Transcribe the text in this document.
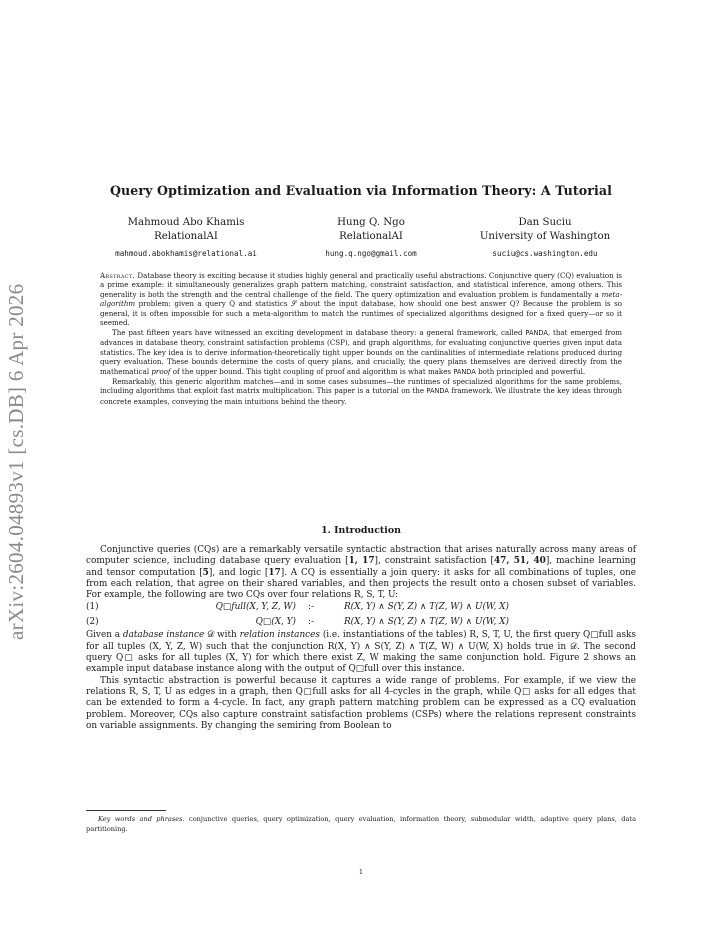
arXiv:2604.04893v1 [cs.DB] 6 Apr 2026
Query Optimization and Evaluation via Information Theory: A Tutorial
Mahmoud Abo Khamis
RelationalAI
mahmoud.abokhamis@relational.ai
Hung Q. Ngo
RelationalAI
hung.q.ngo@gmail.com
Dan Suciu
University of Washington
suciu@cs.washington.edu

Abstract. Database theory is exciting because it studies highly general and practically useful abstractions. Conjunctive query (CQ) evaluation is a prime example: it simultaneously generalizes graph pattern matching, constraint satisfaction, and statistical inference, among others. This generality is both the strength and the central challenge of the field. The query optimization and evaluation problem is fundamentally a meta-algorithm problem: given a query Q and statistics 𝒮 about the input database, how should one best answer Q? Because the problem is so general, it is often impossible for such a meta-algorithm to match the runtimes of specialized algorithms designed for a fixed query—or so it seemed.

The past fifteen years have witnessed an exciting development in database theory: a general framework, called PANDA, that emerged from advances in database theory, constraint satisfaction problems (CSP), and graph algorithms, for evaluating conjunctive queries given input data statistics. The key idea is to derive information-theoretically tight upper bounds on the cardinalities of intermediate relations produced during query evaluation. These bounds determine the costs of query plans, and crucially, the query plans themselves are derived directly from the mathematical proof of the upper bound. This tight coupling of proof and algorithm is what makes PANDA both principled and powerful.

Remarkably, this generic algorithm matches—and in some cases subsumes—the runtimes of specialized algorithms for the same problems, including algorithms that exploit fast matrix multiplication. This paper is a tutorial on the PANDA framework. We illustrate the key ideas through concrete examples, conveying the main intuitions behind the theory.

1. Introduction

Conjunctive queries (CQs) are a remarkably versatile syntactic abstraction that arises naturally across many areas of computer science, including database query evaluation [1, 17], constraint satisfaction [47, 51, 40], machine learning and tensor computation [5], and logic [17]. A CQ is essentially a join query: it asks for all combinations of tuples, one from each relation, that agree on their shared variables, and then projects the result onto a chosen subset of variables. For example, the following are two CQs over four relations R, S, T, U:

(1)	Q□full(X, Y, Z, W) :-	R(X, Y) ∧ S(Y, Z) ∧ T(Z, W) ∧ U(W, X)
(2)	Q□(X, Y) :-	R(X, Y) ∧ S(Y, Z) ∧ T(Z, W) ∧ U(W, X)

Given a database instance 𝒟 with relation instances (i.e. instantiations of the tables) R, S, T, U, the first query Q□full asks for all tuples (X, Y, Z, W) such that the conjunction R(X, Y) ∧ S(Y, Z) ∧ T(Z, W) ∧ U(W, X) holds true in 𝒟. The second query Q□ asks for all tuples (X, Y) for which there exist Z, W making the same conjunction hold. Figure 2 shows an example input database instance along with the output of Q□full over this instance.

This syntactic abstraction is powerful because it captures a wide range of problems. For example, if we view the relations R, S, T, U as edges in a graph, then Q□full asks for all 4-cycles in the graph, while Q□ asks for all edges that can be extended to form a 4-cycle. In fact, any graph pattern matching problem can be expressed as a CQ evaluation problem. Moreover, CQs also capture constraint satisfaction problems (CSPs) where the relations represent constraints on variable assignments. By changing the semiring from Boolean to

Key words and phrases. conjunctive queries, query optimization, query evaluation, information theory, submodular width, adaptive query plans, data partitioning.
1
